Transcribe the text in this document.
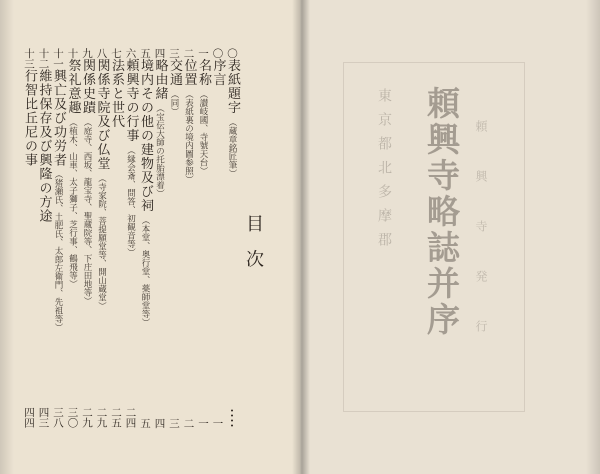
目 次
〇表紙題字（蔵章銘匠筆）
〇序言
一
一名称（讃岐國、寺號天台）
一
二位置（表紙裏の境内圖参照）
二
三交通（同）
三
四略由緒（宝伝大師の托胎漂着）
四
五境内その他の建物及び祠（本堂、奥行堂、薬師堂等）
五
六頼興寺の行事（縁会斎、問答、初観音等）
二四
七法系と世代
二五
八関係寺院及び仏堂（寺家院、菩提願堂等、開山蔵堂）
二九
九関係史蹟（庭寺、西坂、龍宝寺、聖蔵院等、下庄田地等）
二九
十祭礼意趣（植木、山車、太子獅子、芝行事、鶴飛等）
三〇
十一興亡及び功労者（猪瀬氏、土肥氏、太郎左衛門、先祖等）
三八
十二維持保存及び興隆の方途
四三
十三行智比丘尼の事
四四
頼興寺略誌并序
東京都北多摩郡	頼 興 寺 発 行
